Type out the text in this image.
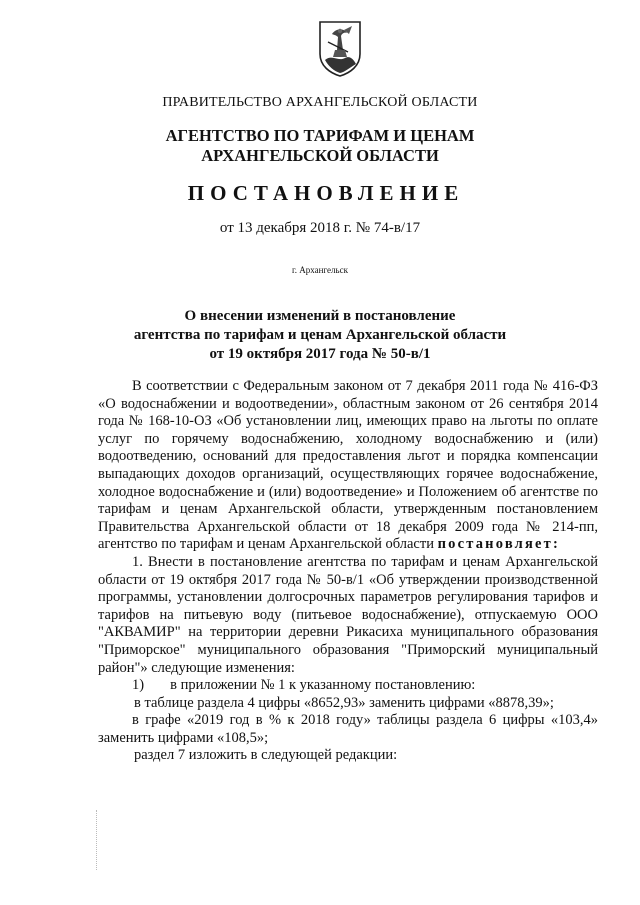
ПРАВИТЕЛЬСТВО АРХАНГЕЛЬСКОЙ ОБЛАСТИ
АГЕНТСТВО ПО ТАРИФАМ И ЦЕНАМ
АРХАНГЕЛЬСКОЙ ОБЛАСТИ
ПОСТАНОВЛЕНИЕ
от 13 декабря 2018 г. № 74-в/17
г. Архангельск
О внесении изменений в постановление
агентства по тарифам и ценам Архангельской области
от 19 октября 2017 года № 50-в/1

В соответствии с Федеральным законом от 7 декабря 2011 года № 416-ФЗ «О водоснабжении и водоотведении», областным законом от 26 сентября 2014 года № 168-10-ОЗ «Об установлении лиц, имеющих право на льготы по оплате услуг по горячему водоснабжению, холодному водоснабжению и (или) водоотведению, оснований для предоставления льгот и порядка компенсации выпадающих доходов организаций, осуществляющих горячее водоснабжение, холодное водоснабжение и (или) водоотведение» и Положением об агентстве по тарифам и ценам Архангельской области, утвержденным постановлением Правительства Архангельской области от 18 декабря 2009 года № 214-пп, агентство по тарифам и ценам Архангельской области постановляет:

1. Внести в постановление агентства по тарифам и ценам Архангельской области от 19 октября 2017 года № 50-в/1 «Об утверждении производственной программы, установлении долгосрочных параметров регулирования тарифов и тарифов на питьевую воду (питьевое водоснабжение), отпускаемую ООО "АКВАМИР" на территории деревни Рикасиха муниципального образования "Приморское" муниципального образования "Приморский муниципальный район"» следующие изменения:

1) в приложении № 1 к указанному постановлению:

в таблице раздела 4 цифры «8652,93» заменить цифрами «8878,39»;

в графе «2019 год в % к 2018 году» таблицы раздела 6 цифры «103,4» заменить цифрами «108,5»;

раздел 7 изложить в следующей редакции:
